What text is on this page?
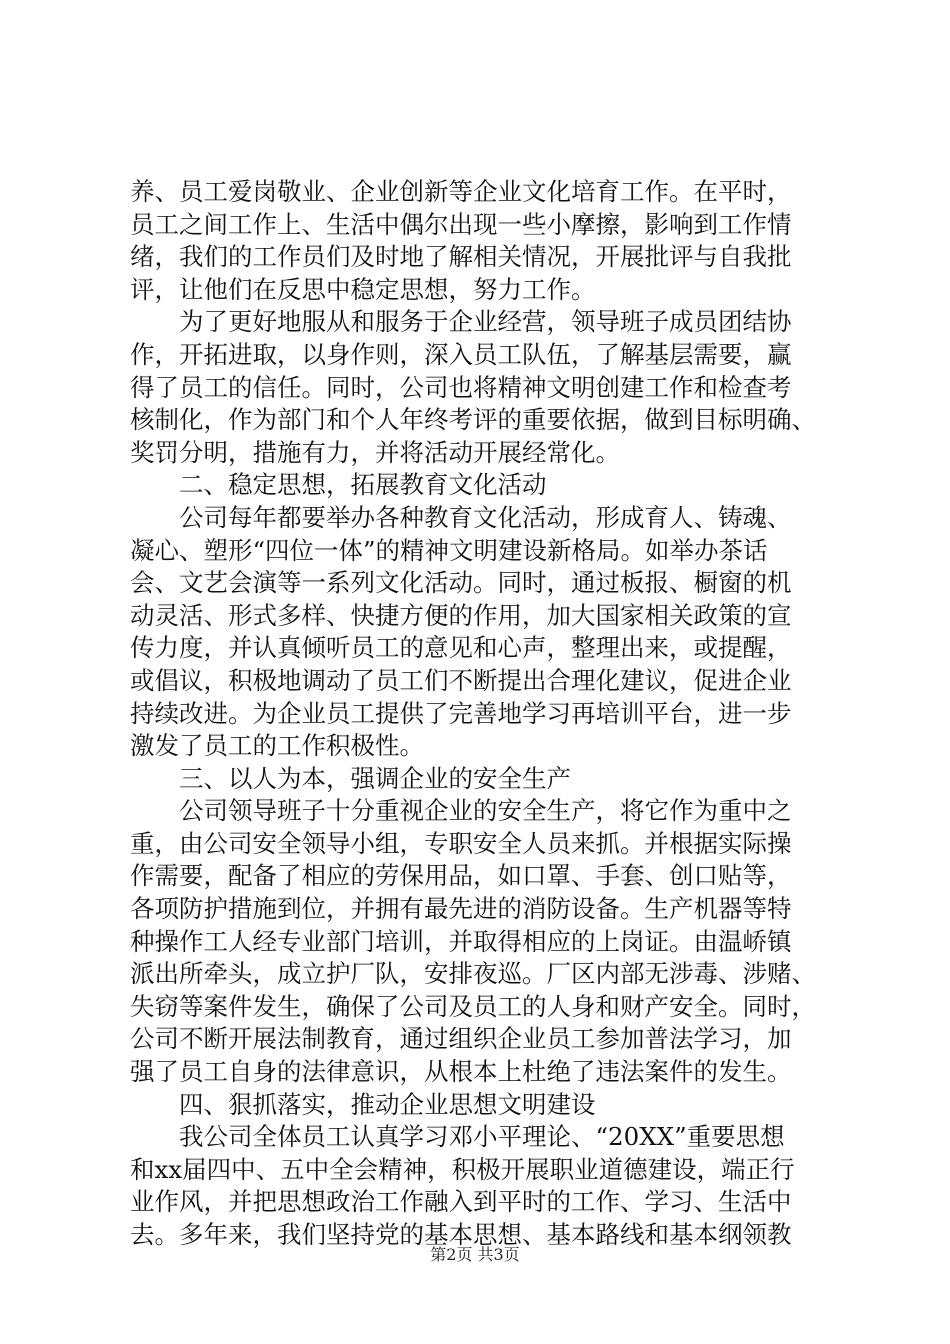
养、员工爱岗敬业、企业创新等企业文化培育工作。在平时，
员工之间工作上、生活中偶尔出现一些小摩擦，影响到工作情
绪，我们的工作员们及时地了解相关情况，开展批评与自我批
评，让他们在反思中稳定思想，努力工作。
　　为了更好地服从和服务于企业经营，领导班子成员团结协
作，开拓进取，以身作则，深入员工队伍，了解基层需要，赢
得了员工的信任。同时，公司也将精神文明创建工作和检查考
核制化，作为部门和个人年终考评的重要依据，做到目标明确、
奖罚分明，措施有力，并将活动开展经常化。
　　二、稳定思想，拓展教育文化活动
　　公司每年都要举办各种教育文化活动，形成育人、铸魂、
凝心、塑形“四位一体”的精神文明建设新格局。如举办茶话
会、文艺会演等一系列文化活动。同时，通过板报、橱窗的机
动灵活、形式多样、快捷方便的作用，加大国家相关政策的宣
传力度，并认真倾听员工的意见和心声，整理出来，或提醒，
或倡议，积极地调动了员工们不断提出合理化建议，促进企业
持续改进。为企业员工提供了完善地学习再培训平台，进一步
激发了员工的工作积极性。
　　三、以人为本，强调企业的安全生产
　　公司领导班子十分重视企业的安全生产，将它作为重中之
重，由公司安全领导小组，专职安全人员来抓。并根据实际操
作需要，配备了相应的劳保用品，如口罩、手套、创口贴等，
各项防护措施到位，并拥有最先进的消防设备。生产机器等特
种操作工人经专业部门培训，并取得相应的上岗证。由温峤镇
派出所牵头，成立护厂队，安排夜巡。厂区内部无涉毒、涉赌、
失窃等案件发生，确保了公司及员工的人身和财产安全。同时，
公司不断开展法制教育，通过组织企业员工参加普法学习，加
强了员工自身的法律意识，从根本上杜绝了违法案件的发生。
　　四、狠抓落实，推动企业思想文明建设
　　我公司全体员工认真学习邓小平理论、“20XX”重要思想
和xx届四中、五中全会精神，积极开展职业道德建设，端正行
业作风，并把思想政治工作融入到平时的工作、学习、生活中
去。多年来，我们坚持党的基本思想、基本路线和基本纲领教
第2页 共3页
